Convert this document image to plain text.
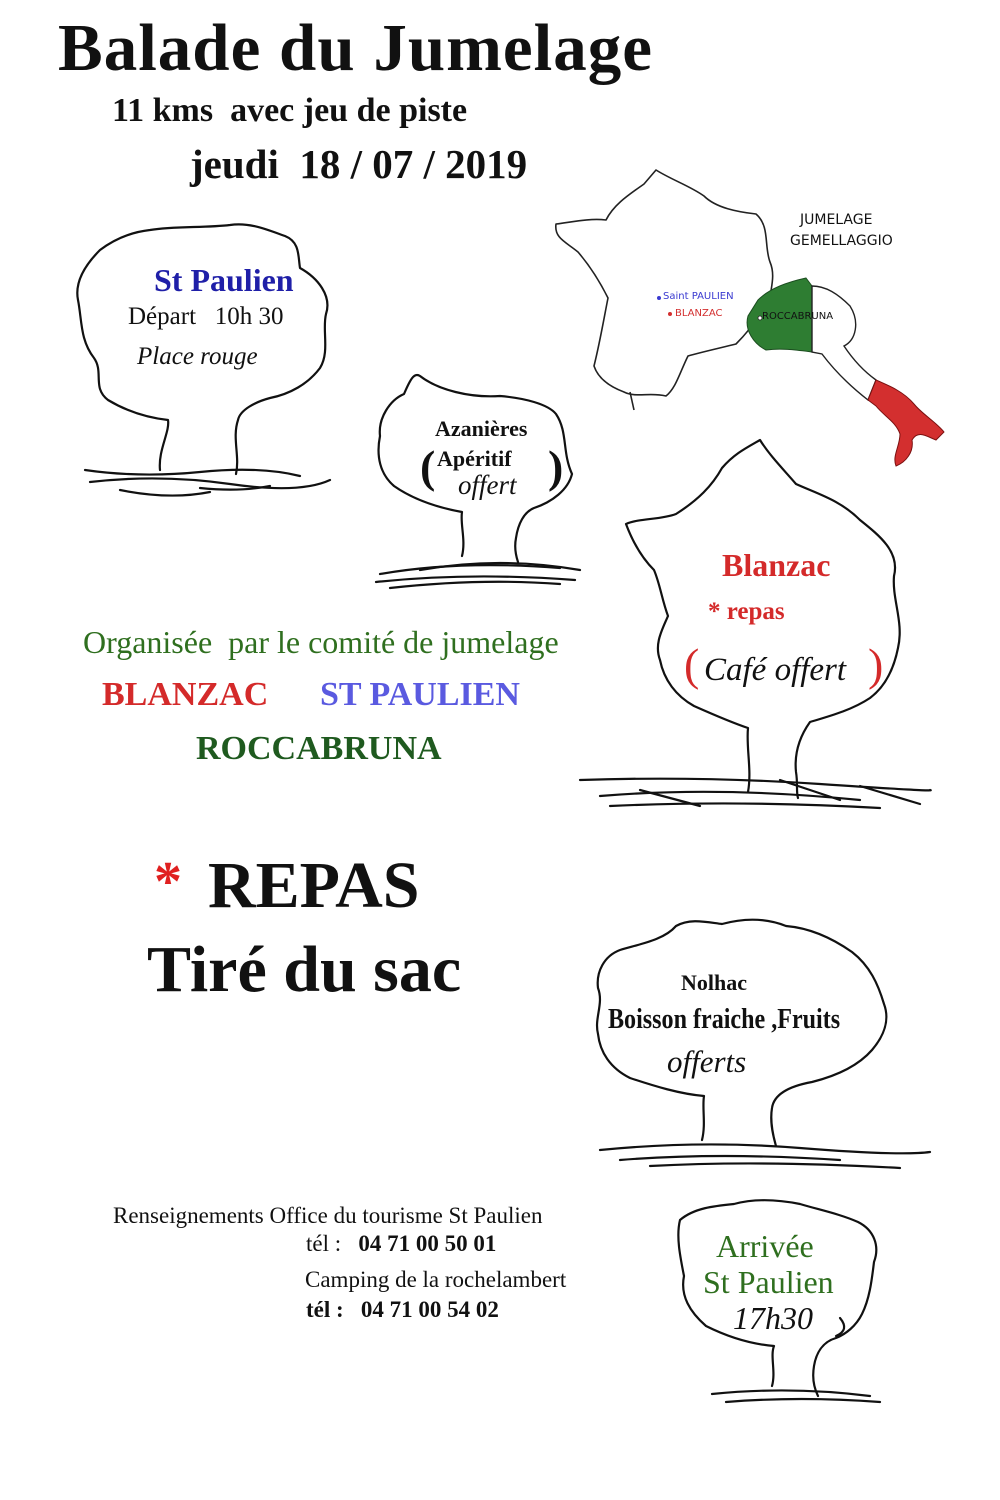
Balade du Jumelage
11 kms  avec jeu de piste
jeudi  18 / 07 / 2019
JUMELAGE
GEMELLAGGIO
Saint PAULIEN
BLANZAC	ROCCABRUNA
St Paulien
Départ 10h 30
Place rouge
Azanières
( Apéritif
offert )
Blanzac
* repas
( Café offert )
Organisée  par le comité de jumelage
BLANZAC ST PAULIEN
ROCCABRUNA
* REPAS
Tiré du sac	Nolhac
Boisson fraiche ,Fruits
offerts
Renseignements Office du tourisme St Paulien
tél : 04 71 00 50 01
Camping de la rochelambert
tél : 04 71 00 54 02
Arrivée
St Paulien
17h30
